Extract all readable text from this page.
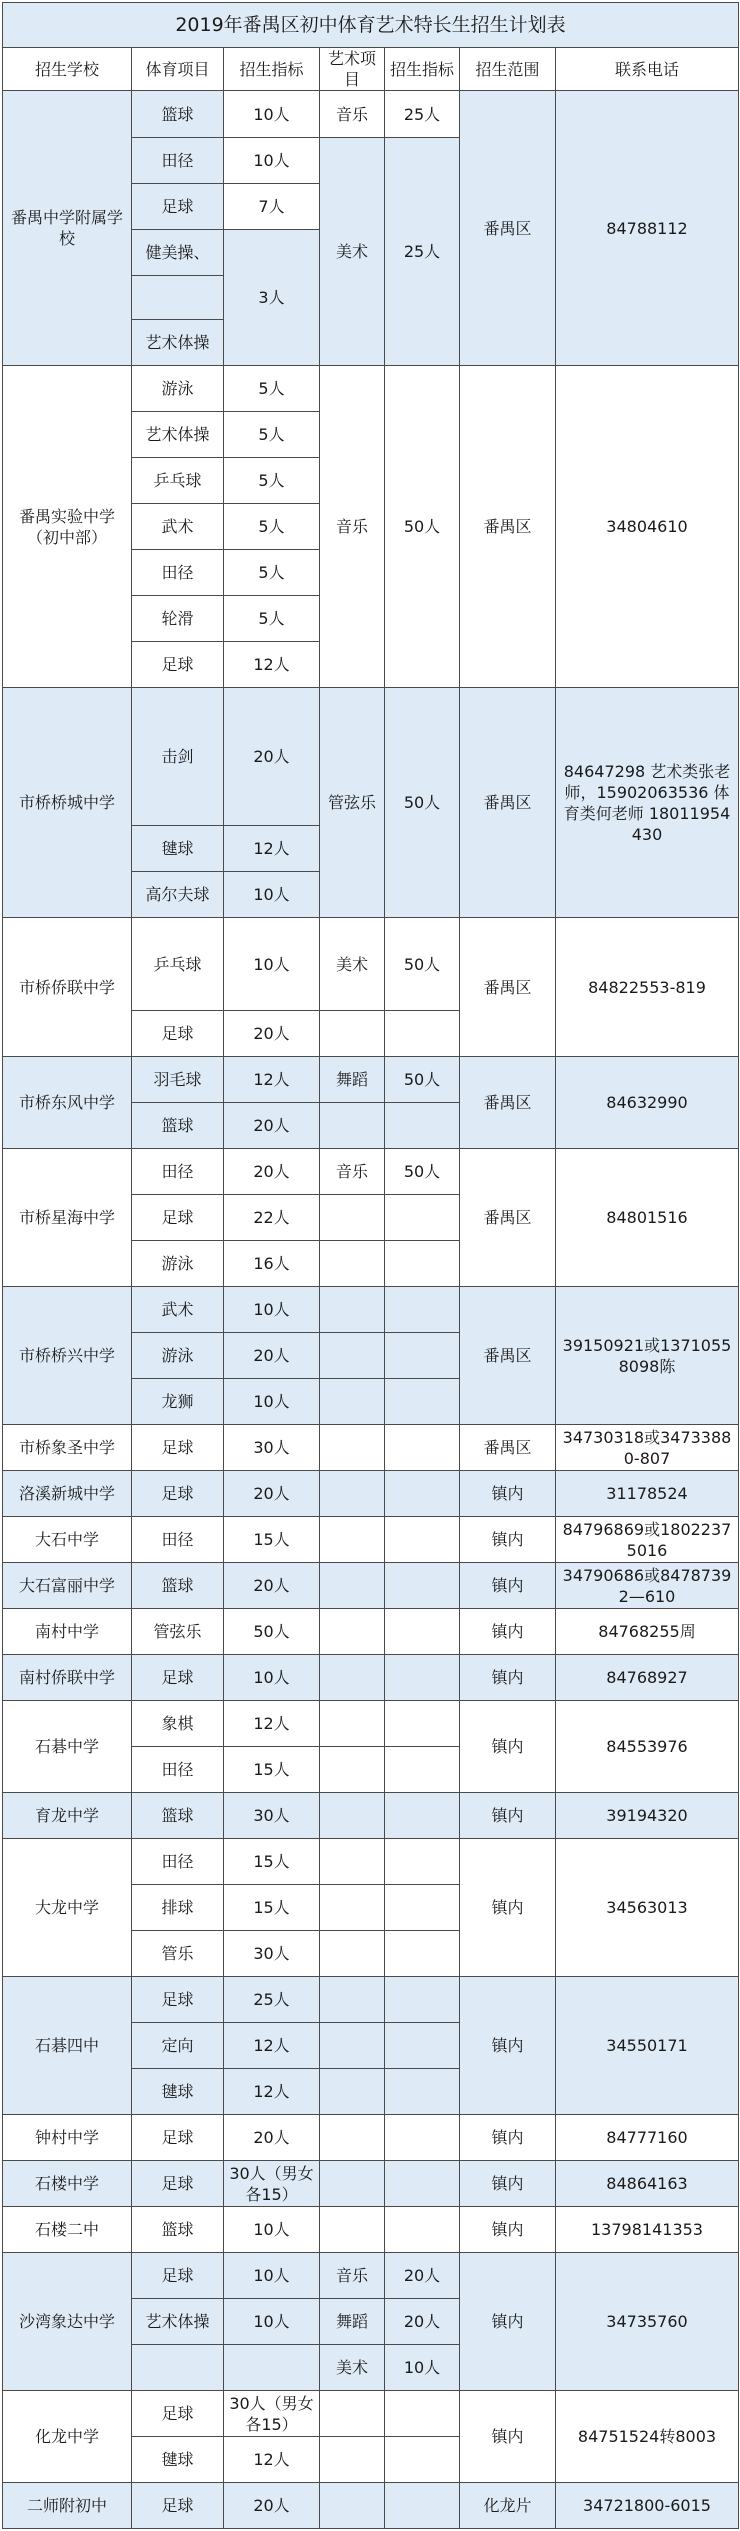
2019年番禺区初中体育艺术特长生招生计划表						
招生学校	体育项目	招生指标	艺术项目	招生指标	招生范围	联系电话
番禺中学附属学校	篮球	10人	音乐	25人	番禺区	84788112
	田径	10人	美术	25人		
	足球	7人				
	健美操、	3人				

	艺术体操					
番禺实验中学（初中部）	游泳	5人	音乐	50人	番禺区	34804610
	艺术体操	5人				
	乒乓球	5人				
	武术	5人				
	田径	5人				
	轮滑	5人				
	足球	12人				
市桥桥城中学	击剑	20人	管弦乐	50人	番禺区	84647298 艺术类张老师，15902063536 体育类何老师 18011954430
	毽球	12人				
	高尔夫球	10人				
市桥侨联中学	乒乓球	10人	美术	50人	番禺区	84822553-819
	足球	20人				
市桥东风中学	羽毛球	12人	舞蹈	50人	番禺区	84632990
	篮球	20人				
市桥星海中学	田径	20人	音乐	50人	番禺区	84801516
	足球	22人				
	游泳	16人				
市桥桥兴中学	武术	10人			番禺区	39150921或13710558098陈
	游泳	20人				
	龙狮	10人				
市桥象圣中学	足球	30人			番禺区	34730318或34733880-807
洛溪新城中学	足球	20人			镇内	31178524
大石中学	田径	15人			镇内	84796869或18022375016
大石富丽中学	篮球	20人			镇内	34790686或84787392—610
南村中学	管弦乐	50人			镇内	84768255周
南村侨联中学	足球	10人			镇内	84768927
石碁中学	象棋	12人			镇内	84553976
	田径	15人				
育龙中学	篮球	30人			镇内	39194320
大龙中学	田径	15人			镇内	34563013
	排球	15人				
	管乐	30人				
石碁四中	足球	25人			镇内	34550171
	定向	12人				
	毽球	12人				
钟村中学	足球	20人			镇内	84777160
石楼中学	足球	30人（男女各15）			镇内	84864163
石楼二中	篮球	10人			镇内	13798141353
沙湾象达中学	足球	10人	音乐	20人	镇内	34735760
	艺术体操	10人	舞蹈	20人		
			美术	10人		
化龙中学	足球	30人（男女各15）			镇内	84751524转8003
	毽球	12人				
二师附初中	足球	20人			化龙片	34721800-6015
